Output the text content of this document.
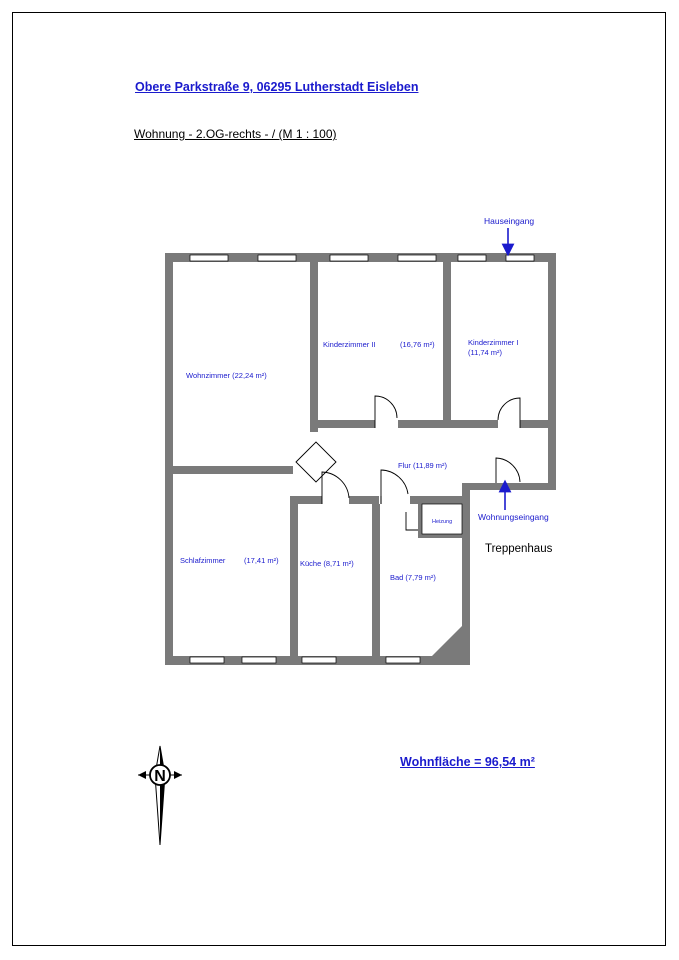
Obere Parkstraße 9, 06295 Lutherstadt Eisleben
Wohnung - 2.OG-rechts - / (M 1 : 100)
Wohnzimmer (22,24 m²)
Kinderzimmer II	(16,76 m²)	Kinderzimmer I
(11,74 m²)
Flur (11,89 m²)
Schlafzimmer (17,41 m²)	Küche (8,71 m²)
Bad (7,79 m²)
Heizung
Hauseingang
Wohnungseingang
Treppenhaus
N
Wohnfläche = 96,54 m²
